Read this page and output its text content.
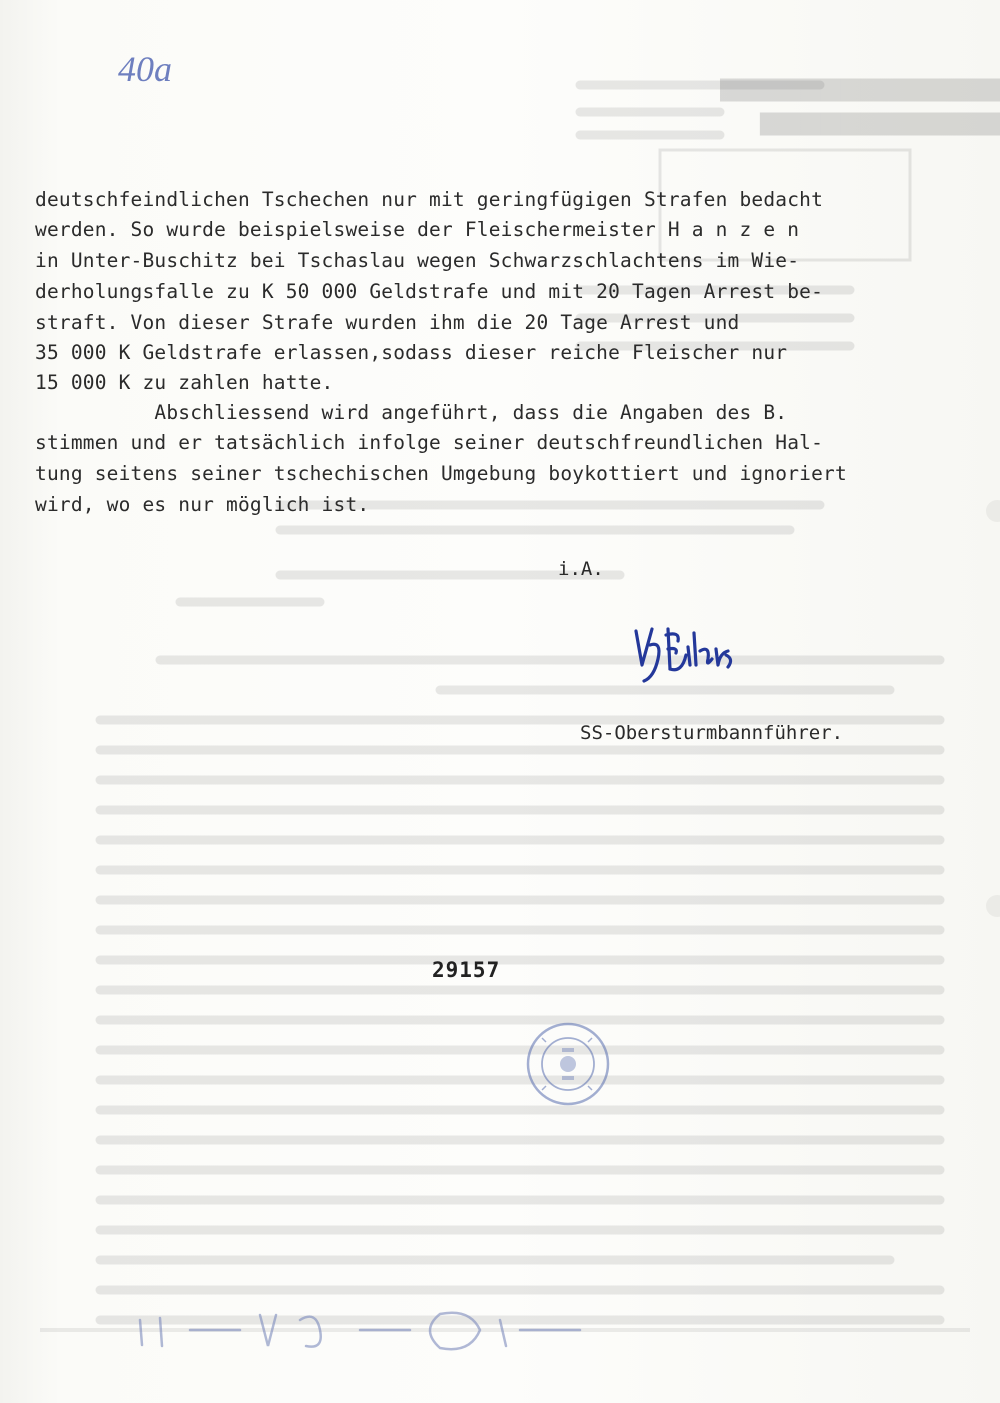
▆▆▆▆▆▆▆▆▆▆▆▆▆▆
▆▆▆▆▆▆▆▆▆▆▆▆
40a
deutschfeindlichen Tschechen nur mit geringfügigen Strafen bedacht
werden. So wurde beispielsweise der Fleischermeister H a n z e n
in Unter-Buschitz bei Tschaslau wegen Schwarzschlachtens im Wie-
derholungsfalle zu K 50 000 Geldstrafe und mit 20 Tagen Arrest be-
straft. Von dieser Strafe wurden ihm die 20 Tage Arrest und
35 000 K Geldstrafe erlassen,sodass dieser reiche Fleischer nur
15 000 K zu zahlen hatte.
Abschliessend wird angeführt, dass die Angaben des B.
stimmen und er tatsächlich infolge seiner deutschfreundlichen Hal-
tung seitens seiner tschechischen Umgebung boykottiert und ignoriert
wird, wo es nur möglich ist.
i.A.
SS-Obersturmbannführer.
29157
